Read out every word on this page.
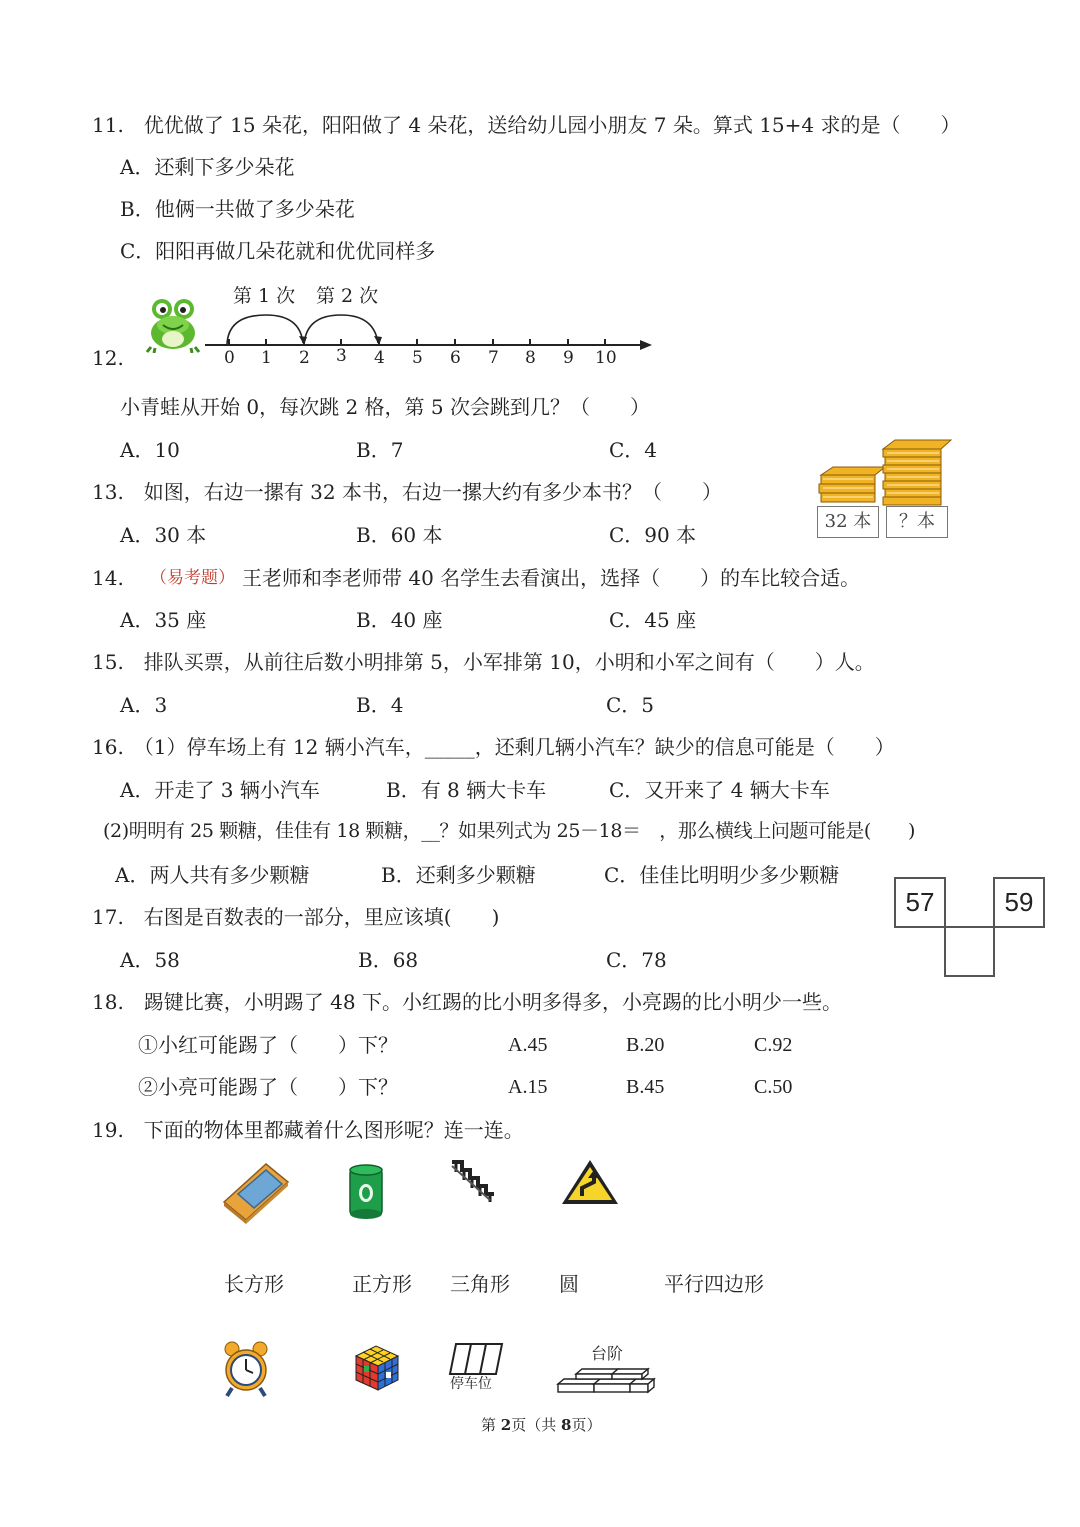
11.　优优做了 15 朵花，阳阳做了 4 朵花，送给幼儿园小朋友 7 朵。算式 15+4 求的是（　　）
A．还剩下多少朵花
B．他俩一共做了多少朵花
C．阳阳再做几朵花就和优优同样多
12.
第 1 次 第 2 次
0 1 2 3 4 5 6 7 8 9 10
小青蛙从开始 0，每次跳 2 格，第 5 次会跳到几？（　　）
A．10	B．7	C．4
13.　如图，右边一摞有 32 本书，右边一摞大约有多少本书？（　　）
A．30 本	B．60 本	C．90 本
32 本	？本
14. （易考题） 王老师和李老师带 40 名学生去看演出，选择（　　）的车比较合适。
A．35 座	B．40 座	C．45 座
15.　排队买票，从前往后数小明排第 5，小军排第 10，小明和小军之间有（　　）人。
A．3	B．4	C．5
16.　（1）停车场上有 12 辆小汽车，_____，还剩几辆小汽车？缺少的信息可能是（　　）
A．开走了 3 辆小汽车	B．有 8 辆大卡车	C．又开来了 4 辆大卡车
(2)明明有 25 颗糖，佳佳有 18 颗糖，__？如果列式为 25－18＝　，那么横线上问题可能是(　　)
A．两人共有多少颗糖	B．还剩多少颗糖	C．佳佳比明明少多少颗糖
17.　右图是百数表的一部分，里应该填(　　)
A．58	B．68	C．78
57	59
18.　踢键比赛，小明踢了 48 下。小红踢的比小明多得多，小亮踢的比小明少一些。
①小红可能踢了（　　）下？	A.45	B.20	C.92
②小亮可能踢了（　　）下？	A.15	B.45	C.50
19.　下面的物体里都藏着什么图形呢？连一连。
长方形	正方形 三角形 圆	平行四边形
停车位
台阶
第 2页（共 8页）
